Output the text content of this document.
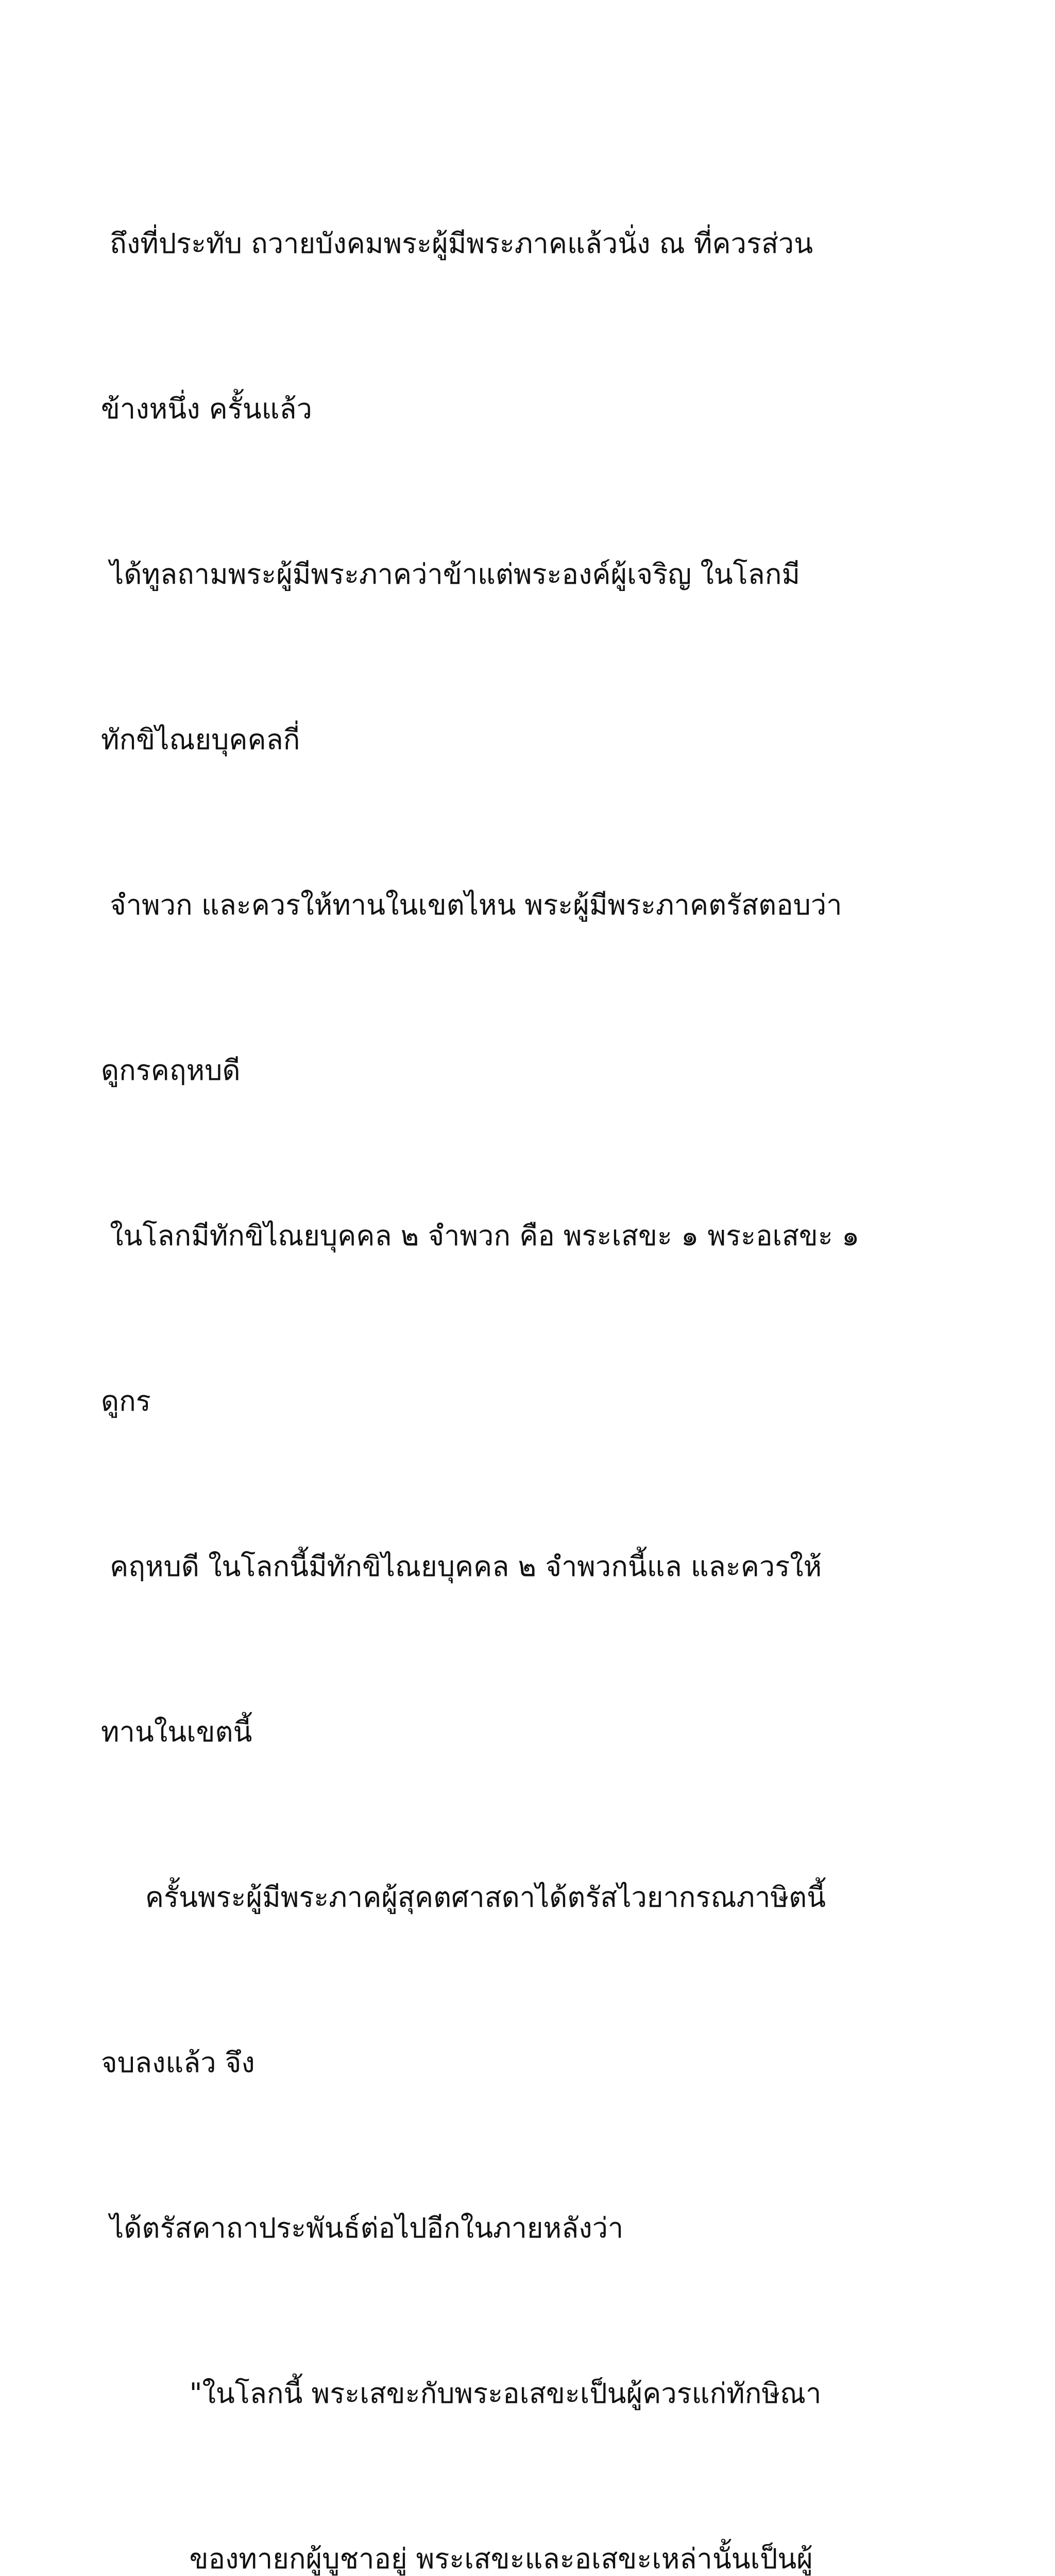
ถึงที่ประทับ ถวายบังคมพระผู้มีพระภาคแล้วนั่ง ณ ที่ควรส่วน

ข้างหนึ่ง ครั้นแล้ว

ได้ทูลถามพระผู้มีพระภาคว่าข้าแต่พระองค์ผู้เจริญ ในโลกมี

ทักขิไณยบุคคลกี่

จำพวก และควรให้ทานในเขตไหน พระผู้มีพระภาคตรัสตอบว่า

ดูกรคฤหบดี

ในโลกมีทักขิไณยบุคคล ๒ จำพวก คือ พระเสขะ ๑ พระอเสขะ ๑

ดูกร

คฤหบดี ในโลกนี้มีทักขิไณยบุคคล ๒ จำพวกนี้แล และควรให้

ทานในเขตนี้

ครั้นพระผู้มีพระภาคผู้สุคตศาสดาได้ตรัสไวยากรณภาษิตนี้

จบลงแล้ว จึง

ได้ตรัสคาถาประพันธ์ต่อไปอีกในภายหลังว่า

"ในโลกนี้ พระเสขะกับพระอเสขะเป็นผู้ควรแก่ทักษิณา

ของทายกผู้บูชาอยู่ พระเสขะและอเสขะเหล่านั้นเป็นผู้
